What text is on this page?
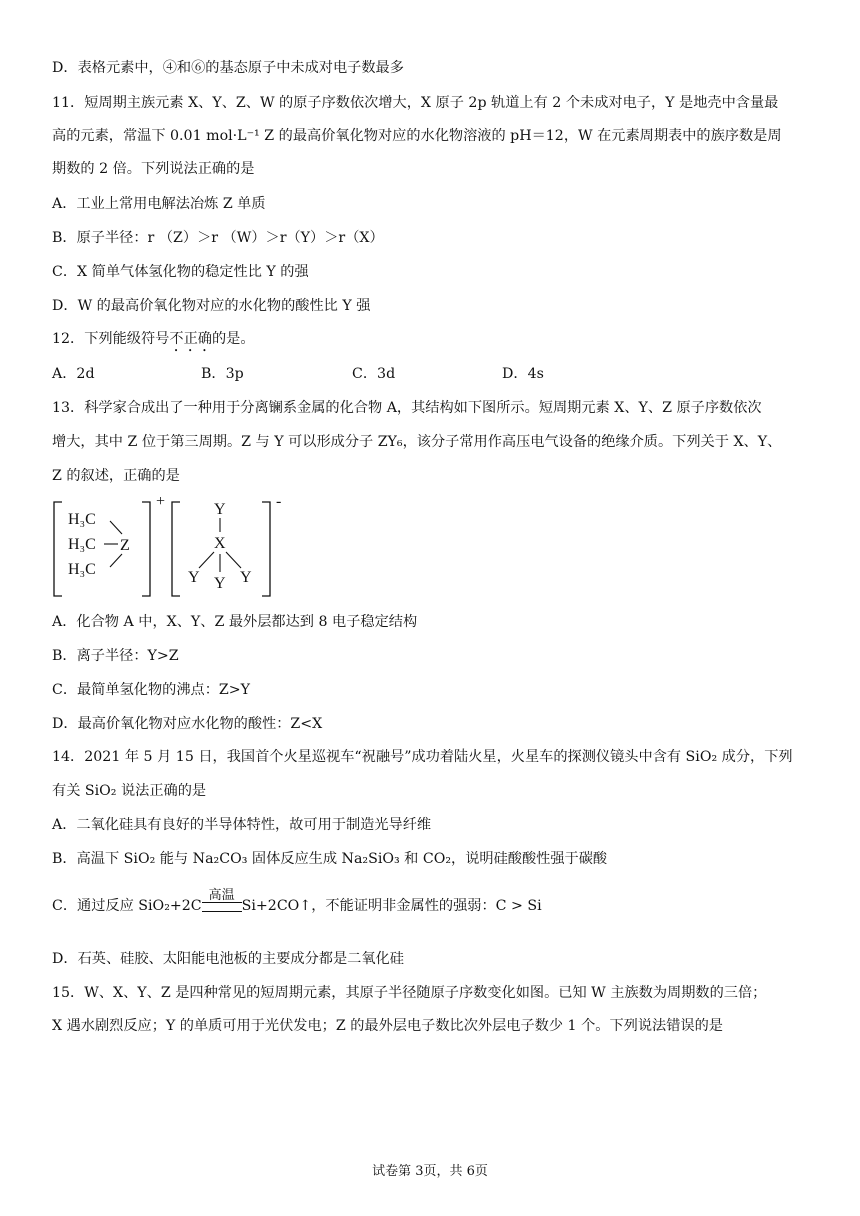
D．表格元素中，④和⑥的基态原子中未成对电子数最多
11．短周期主族元素 X、Y、Z、W 的原子序数依次增大，X 原子 2p 轨道上有 2 个未成对电子，Y 是地壳中含量最
高的元素，常温下 0.01 mol·L⁻¹ Z 的最高价氧化物对应的水化物溶液的 pH＝12，W 在元素周期表中的族序数是周
期数的 2 倍。下列说法正确的是
A．工业上常用电解法冶炼 Z 单质
B．原子半径：r （Z）＞r （W）＞r（Y）＞r（X）
C．X 简单气体氢化物的稳定性比 Y 的强
D．W 的最高价氧化物对应的水化物的酸性比 Y 强
12．下列能级符号不正确的是。
A．2d	B．3p	C．3d	D．4s
13．科学家合成出了一种用于分离镧系金属的化合物 A，其结构如下图所示。短周期元素 X、Y、Z 原子序数依次
增大，其中 Z 位于第三周期。Z 与 Y 可以形成分子 ZY₆，该分子常用作高压电气设备的绝缘介质。下列关于 X、Y、
Z 的叙述，正确的是
+
H₃C
H₃C
H₃C
Z
-
Y
X
Y Y Y
A．化合物 A 中，X、Y、Z 最外层都达到 8 电子稳定结构
B．离子半径：Y>Z
C．最简单氢化物的沸点：Z>Y
D．最高价氧化物对应水化物的酸性：Z<X
14．2021 年 5 月 15 日，我国首个火星巡视车“祝融号”成功着陆火星，火星车的探测仪镜头中含有 SiO₂ 成分，下列
有关 SiO₂ 说法正确的是
A．二氧化硅具有良好的半导体特性，故可用于制造光导纤维
B．高温下 SiO₂ 能与 Na₂CO₃ 固体反应生成 Na₂SiO₃ 和 CO₂，说明硅酸酸性强于碳酸
C．通过反应 SiO₂+2C
高温
Si+2CO↑，不能证明非金属性的强弱：C > Si
D．石英、硅胶、太阳能电池板的主要成分都是二氧化硅
15．W、X、Y、Z 是四种常见的短周期元素，其原子半径随原子序数变化如图。已知 W 主族数为周期数的三倍；
X 遇水剧烈反应；Y 的单质可用于光伏发电；Z 的最外层电子数比次外层电子数少 1 个。下列说法错误的是
试卷第 3页，共 6页
